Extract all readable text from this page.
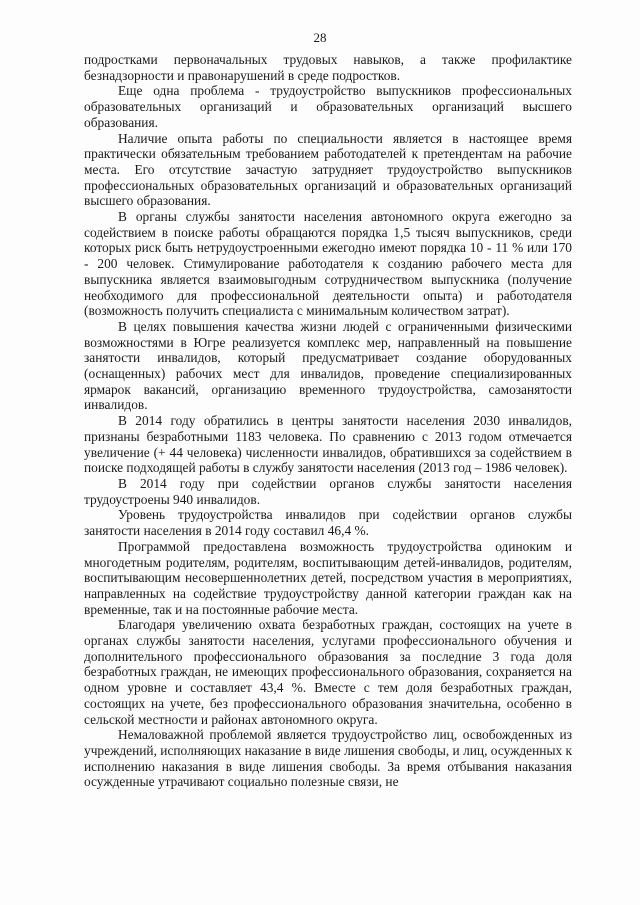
28

подростками первоначальных трудовых навыков, а также профилактике безнадзорности и правонарушений в среде подростков.

Еще одна проблема - трудоустройство выпускников профессиональных образовательных организаций и образовательных организаций высшего образования.

Наличие опыта работы по специальности является в настоящее время практически обязательным требованием работодателей к претендентам на рабочие места. Его отсутствие зачастую затрудняет трудоустройство выпускников профессиональных образовательных организаций и образовательных организаций высшего образования.

В органы службы занятости населения автономного округа ежегодно за содействием в поиске работы обращаются порядка 1,5 тысяч выпускников, среди которых риск быть нетрудоустроенными ежегодно имеют порядка 10 - 11 % или 170 - 200 человек. Стимулирование работодателя к созданию рабочего места для выпускника является взаимовыгодным сотрудничеством выпускника (получение необходимого для профессиональной деятельности опыта) и работодателя (возможность получить специалиста с минимальным количеством затрат).

В целях повышения качества жизни людей с ограниченными физическими возможностями в Югре реализуется комплекс мер, направленный на повышение занятости инвалидов, который предусматривает создание оборудованных (оснащенных) рабочих мест для инвалидов, проведение специализированных ярмарок вакансий, организацию временного трудоустройства, самозанятости инвалидов.

В 2014 году обратились в центры занятости населения 2030 инвалидов, признаны безработными 1183 человека. По сравнению с 2013 годом отмечается увеличение (+ 44 человека) численности инвалидов, обратившихся за содействием в поиске подходящей работы в службу занятости населения (2013 год – 1986 человек).

В 2014 году при содействии органов службы занятости населения трудоустроены 940 инвалидов.

Уровень трудоустройства инвалидов при содействии органов службы занятости населения в 2014 году составил 46,4 %.

Программой предоставлена возможность трудоустройства одиноким и многодетным родителям, родителям, воспитывающим детей-инвалидов, родителям, воспитывающим несовершеннолетних детей, посредством участия в мероприятиях, направленных на содействие трудоустройству данной категории граждан как на временные, так и на постоянные рабочие места.

Благодаря увеличению охвата безработных граждан, состоящих на учете в органах службы занятости населения, услугами профессионального обучения и дополнительного профессионального образования за последние 3 года доля безработных граждан, не имеющих профессионального образования, сохраняется на одном уровне и составляет 43,4 %. Вместе с тем доля безработных граждан, состоящих на учете, без профессионального образования значительна, особенно в сельской местности и районах автономного округа.

Немаловажной проблемой является трудоустройство лиц, освобожденных из учреждений, исполняющих наказание в виде лишения свободы, и лиц, осужденных к исполнению наказания в виде лишения свободы. За время отбывания наказания осужденные утрачивают социально полезные связи, не
